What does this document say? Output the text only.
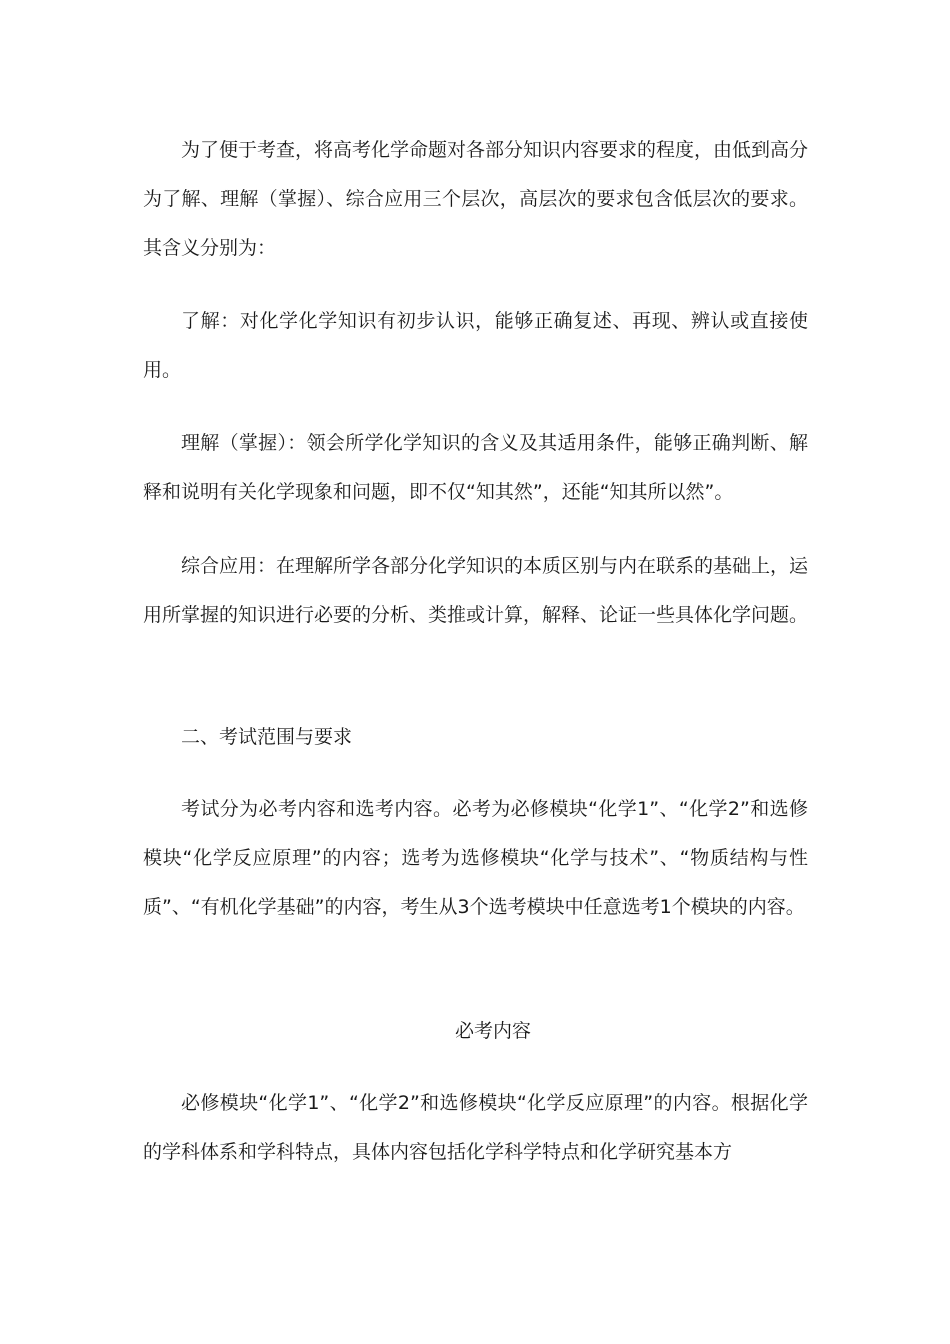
为了便于考查，将高考化学命题对各部分知识内容要求的程度，由低到高分为了解、理解（掌握）、综合应用三个层次，高层次的要求包含低层次的要求。其含义分别为：

了解：对化学化学知识有初步认识，能够正确复述、再现、辨认或直接使用。

理解（掌握）：领会所学化学知识的含义及其适用条件，能够正确判断、解释和说明有关化学现象和问题，即不仅“知其然”，还能“知其所以然”。

综合应用：在理解所学各部分化学知识的本质区别与内在联系的基础上，运用所掌握的知识进行必要的分析、类推或计算，解释、论证一些具体化学问题。

二、考试范围与要求

考试分为必考内容和选考内容。必考为必修模块“化学1”、“化学2”和选修模块“化学反应原理”的内容；选考为选修模块“化学与技术”、“物质结构与性质”、“有机化学基础”的内容，考生从3个选考模块中任意选考1个模块的内容。

必考内容

必修模块“化学1”、“化学2”和选修模块“化学反应原理”的内容。根据化学的学科体系和学科特点，具体内容包括化学科学特点和化学研究基本方
